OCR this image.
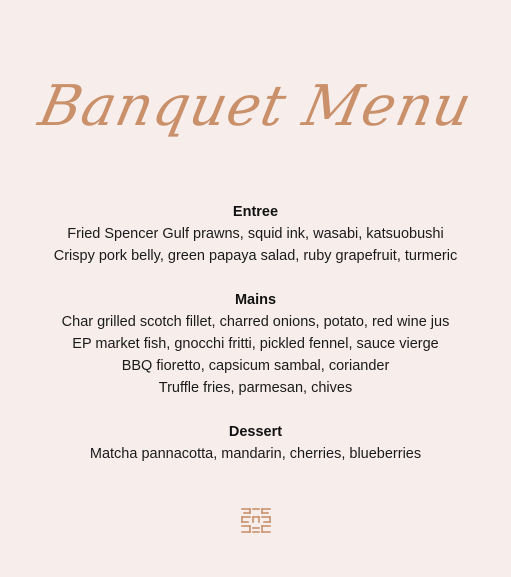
Banquet Menu

Entree

Fried Spencer Gulf prawns, squid ink, wasabi, katsuobushi

Crispy pork belly, green papaya salad, ruby grapefruit, turmeric

Mains

Char grilled scotch fillet, charred onions, potato, red wine jus

EP market fish, gnocchi fritti, pickled fennel, sauce vierge

BBQ fioretto, capsicum sambal, coriander

Truffle fries, parmesan, chives

Dessert

Matcha pannacotta, mandarin, cherries, blueberries
